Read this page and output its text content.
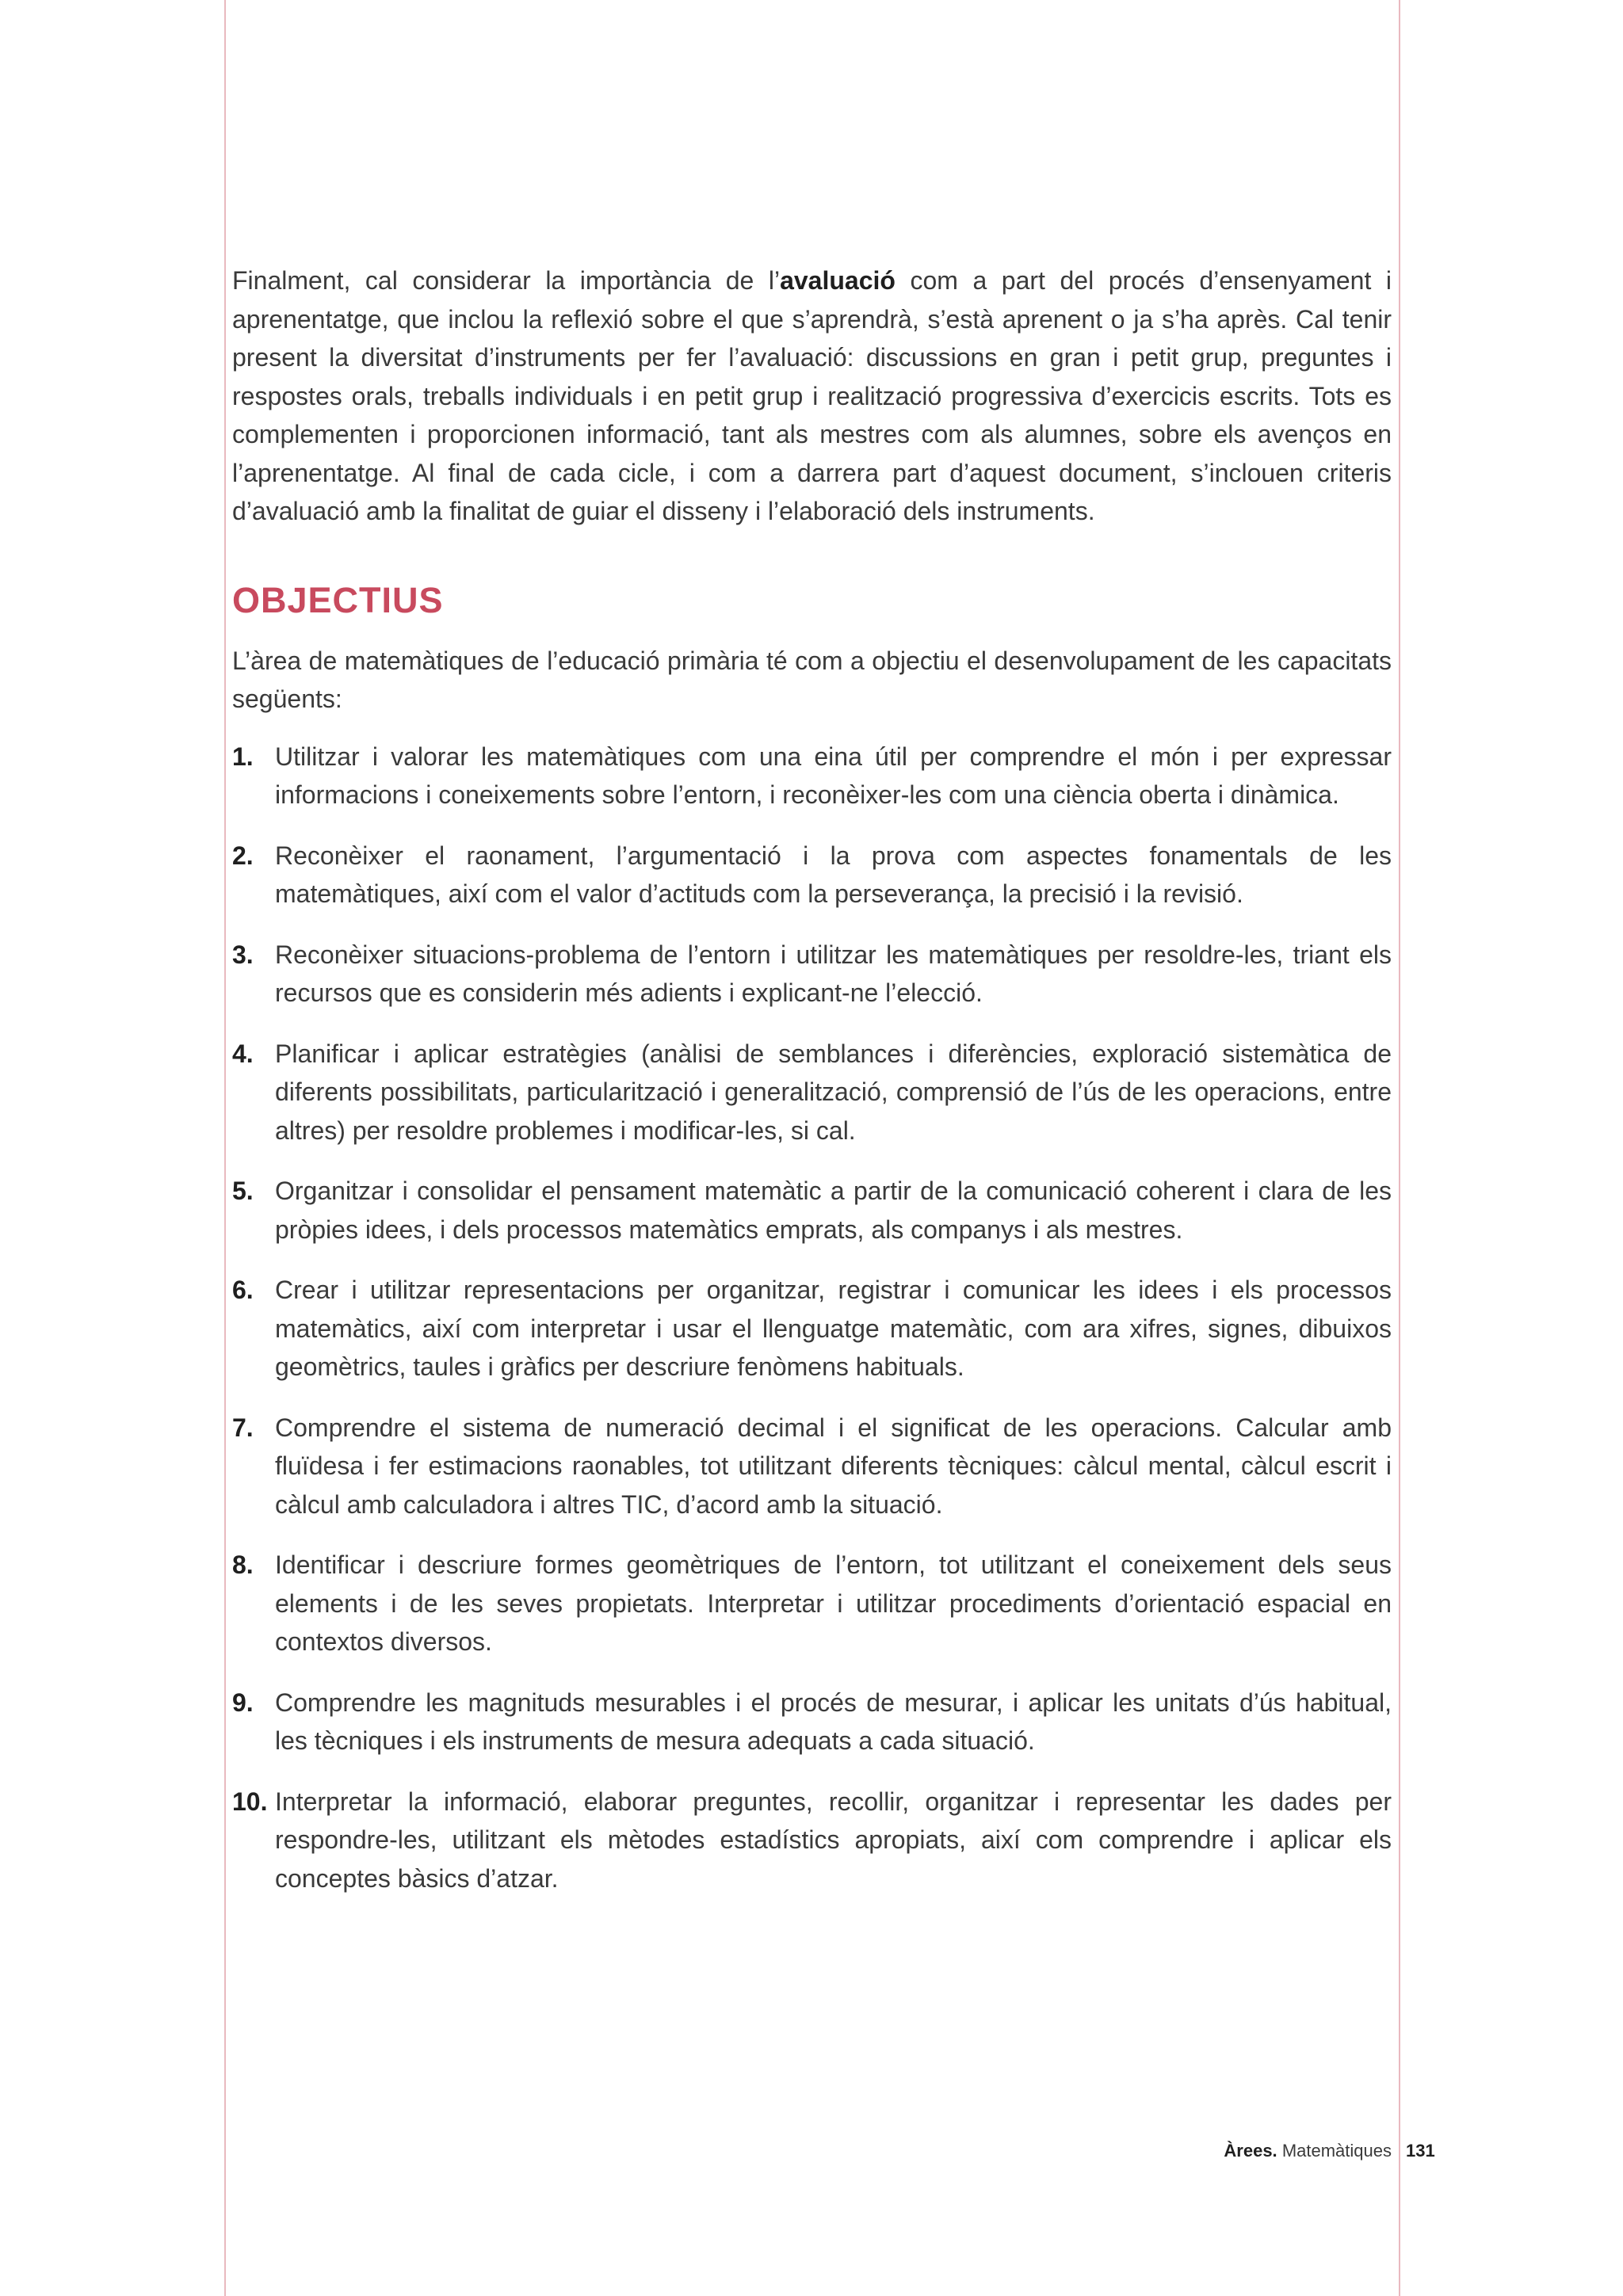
Finalment, cal considerar la importància de l’avaluació com a part del procés d’ensenyament i aprenentatge, que inclou la reflexió sobre el que s’aprendrà, s’està aprenent o ja s’ha après. Cal tenir present la diversitat d’instruments per fer l’avaluació: discussions en gran i petit grup, preguntes i respostes orals, treballs individuals i en petit grup i realització progressiva d’exercicis escrits. Tots es complementen i proporcionen informació, tant als mestres com als alumnes, sobre els avenços en l’aprenentatge. Al final de cada cicle, i com a darrera part d’aquest document, s’inclouen criteris d’avaluació amb la finalitat de guiar el disseny i l’elaboració dels instruments.

OBJECTIUS

L’àrea de matemàtiques de l’educació primària té com a objectiu el desenvolupament de les capacitats següents:

1. Utilitzar i valorar les matemàtiques com una eina útil per comprendre el món i per expressar informacions i coneixements sobre l’entorn, i reconèixer-les com una ciència oberta i dinàmica.
2. Reconèixer el raonament, l’argumentació i la prova com aspectes fonamentals de les matemàtiques, així com el valor d’actituds com la perseverança, la precisió i la revisió.
3. Reconèixer situacions-problema de l’entorn i utilitzar les matemàtiques per resoldre-les, triant els recursos que es considerin més adients i explicant-ne l’elecció.
4. Planificar i aplicar estratègies (anàlisi de semblances i diferències, exploració sistemàtica de diferents possibilitats, particularització i generalització, comprensió de l’ús de les operacions, entre altres) per resoldre problemes i modificar-les, si cal.
5. Organitzar i consolidar el pensament matemàtic a partir de la comunicació coherent i clara de les pròpies idees, i dels processos matemàtics emprats, als companys i als mestres.
6. Crear i utilitzar representacions per organitzar, registrar i comunicar les idees i els processos matemàtics, així com interpretar i usar el llenguatge matemàtic, com ara xifres, signes, dibuixos geomètrics, taules i gràfics per descriure fenòmens habituals.
7. Comprendre el sistema de numeració decimal i el significat de les operacions. Calcular amb fluïdesa i fer estimacions raonables, tot utilitzant diferents tècniques: càlcul mental, càlcul escrit i càlcul amb calculadora i altres TIC, d’acord amb la situació.
8. Identificar i descriure formes geomètriques de l’entorn, tot utilitzant el coneixement dels seus elements i de les seves propietats. Interpretar i utilitzar procediments d’orientació espacial en contextos diversos.
9. Comprendre les magnituds mesurables i el procés de mesurar, i aplicar les unitats d’ús habitual, les tècniques i els instruments de mesura adequats a cada situació.
10. Interpretar la informació, elaborar preguntes, recollir, organitzar i representar les dades per respondre-les, utilitzant els mètodes estadístics apropiats, així com comprendre i aplicar els conceptes bàsics d’atzar.
Àrees. Matemàtiques 131
